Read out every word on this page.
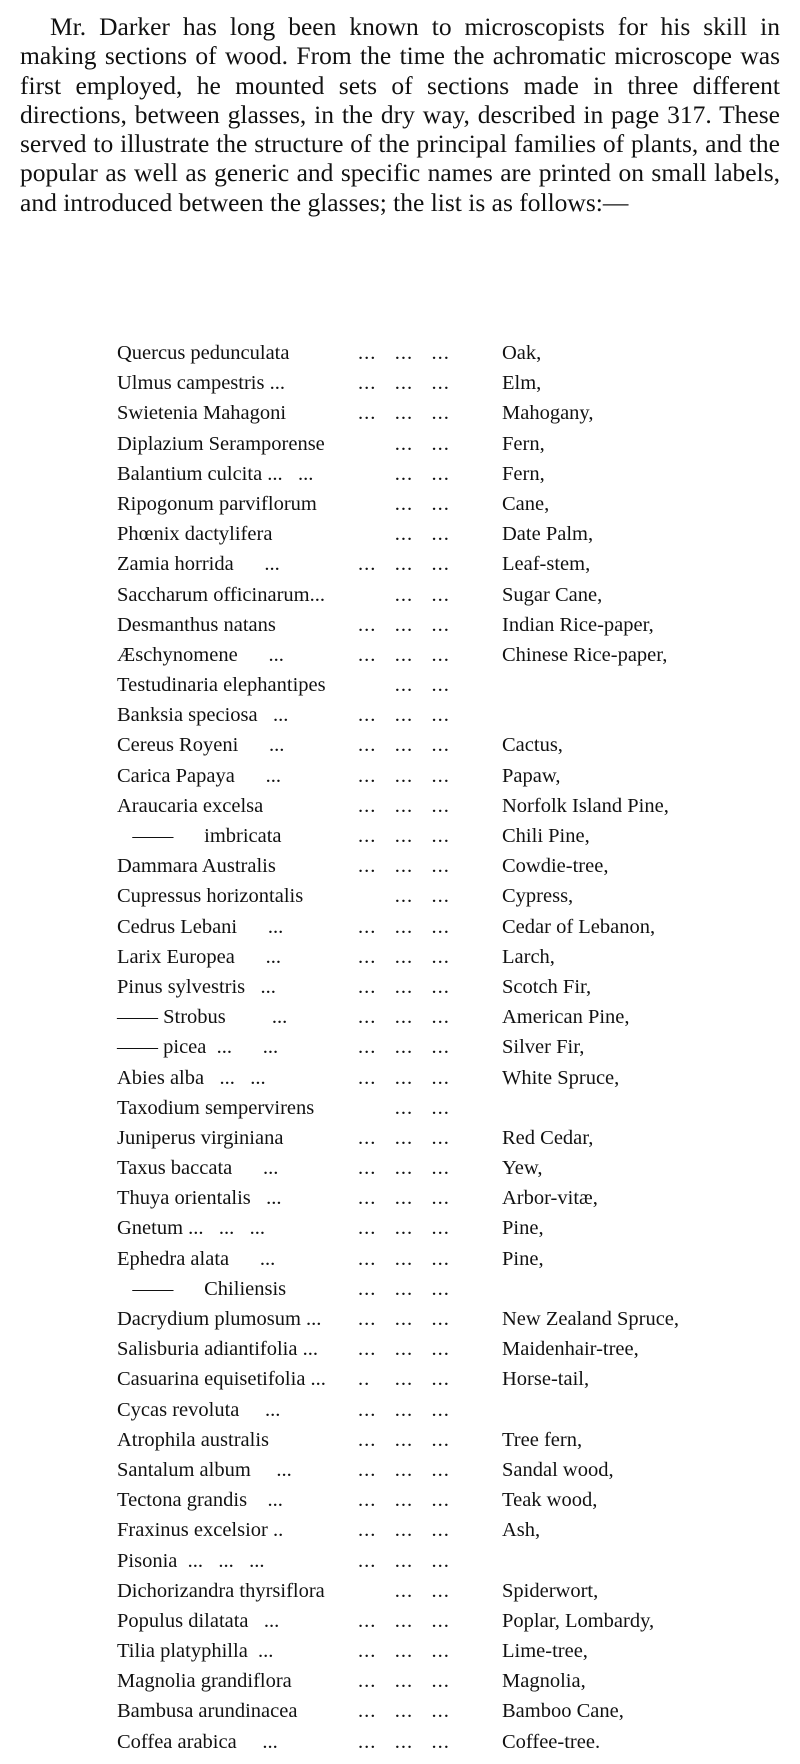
Mr. Darker has long been known to microscopists for his skill in making sections of wood. From the time the achromatic microscope was first employed, he mounted sets of sections made in three different directions, between glasses, in the dry way, described in page 317. These served to illustrate the structure of the principal families of plants, and the popular as well as generic and specific names are printed on small labels, and introduced between the glasses; the list is as follows:—

Quercus pedunculata	...   ...   ...	Oak,
Ulmus campestris ...	...   ...   ...	Elm,
Swietenia Mahagoni	...   ...   ...	Mahogany,
Diplazium Seramporense ...   ...	Fern,
Balantium culcita ...   ... ...   ...	Fern,
Ripogonum parviflorum ...   ...	Cane,
Phœnix dactylifera	...   ...	Date Palm,
Zamia horrida      ...	...   ...   ...	Leaf-stem,
Saccharum officinarum... ...   ...	Sugar Cane,
Desmanthus natans	...   ...   ...	Indian Rice-paper,
Æschynomene      ...	...   ...   ...	Chinese Rice-paper,
Testudinaria elephantipes ...   ...
Banksia speciosa   ...	...   ...   ...
Cereus Royeni      ...	...   ...   ...	Cactus,
Carica Papaya      ...	...   ...   ...	Papaw,
Araucaria excelsa	...   ...   ...	Norfolk Island Pine,
——      imbricata	...   ...   ...	Chili Pine,
Dammara Australis	...   ...   ...	Cowdie-tree,
Cupressus horizontalis	...   ...	Cypress,
Cedrus Lebani      ...	...   ...   ...	Cedar of Lebanon,
Larix Europea      ...	...   ...   ...	Larch,
Pinus sylvestris   ...	...   ...   ...	Scotch Fir,
—— Strobus         ...	...   ...   ...	American Pine,
—— picea  ...      ...	...   ...   ...	Silver Fir,
Abies alba   ...   ...	...   ...   ...	White Spruce,
Taxodium sempervirens ...   ...
Juniperus virginiana	...   ...   ...	Red Cedar,
Taxus baccata      ...	...   ...   ...	Yew,
Thuya orientalis   ...	...   ...   ...	Arbor-vitæ,
Gnetum ...   ...   ...	...   ...   ...	Pine,
Ephedra alata      ...	...   ...   ...	Pine,
——      Chiliensis	...   ...   ...
Dacrydium plumosum ... ...   ...   ...	New Zealand Spruce,
Salisburia adiantifolia ... ...   ...   ...	Maidenhair-tree,
Casuarina equisetifolia ... ..    ...   ...	Horse-tail,
Cycas revoluta     ...	...   ...   ...
Atrophila australis	...   ...   ...	Tree fern,
Santalum album     ...	...   ...   ...	Sandal wood,
Tectona grandis    ...	...   ...   ...	Teak wood,
Fraxinus excelsior ..	...   ...   ...	Ash,
Pisonia  ...   ...   ...	...   ...   ...
Dichorizandra thyrsiflora ...   ...	Spiderwort,
Populus dilatata   ...	...   ...   ...	Poplar, Lombardy,
Tilia platyphilla  ...	...   ...   ...	Lime-tree,
Magnolia grandiflora	...   ...   ...	Magnolia,
Bambusa arundinacea	...   ...   ...	Bamboo Cane,
Coffea arabica     ...	...   ...   ...	Coffee-tree.
